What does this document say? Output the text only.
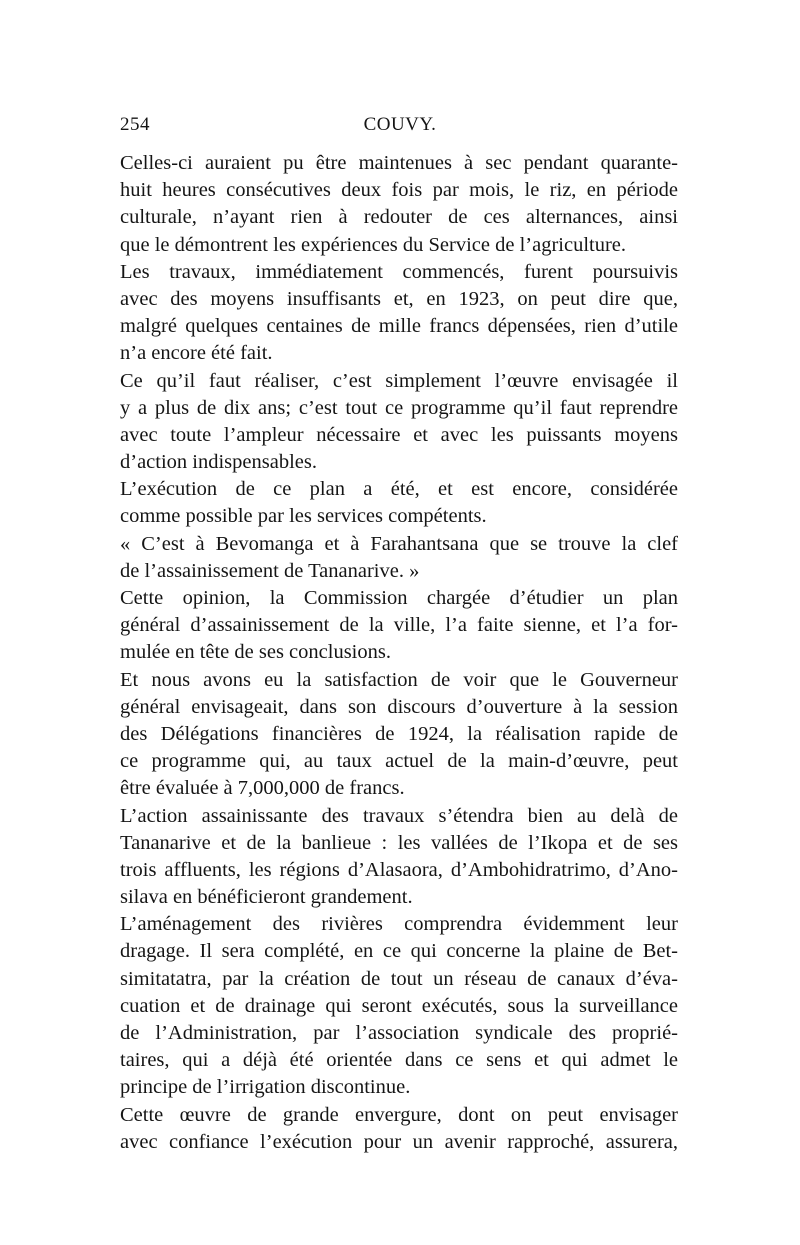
254	COUVY.
Celles-ci auraient pu être maintenues à sec pendant quarante-
huit heures consécutives deux fois par mois, le riz, en période
culturale, n’ayant rien à redouter de ces alternances, ainsi
que le démontrent les expériences du Service de l’agriculture.
Les travaux, immédiatement commencés, furent poursuivis
avec des moyens insuffisants et, en 1923, on peut dire que,
malgré quelques centaines de mille francs dépensées, rien d’utile
n’a encore été fait.
Ce qu’il faut réaliser, c’est simplement l’œuvre envisagée il
y a plus de dix ans; c’est tout ce programme qu’il faut reprendre
avec toute l’ampleur nécessaire et avec les puissants moyens
d’action indispensables.
L’exécution de ce plan a été, et est encore, considérée
comme possible par les services compétents.
« C’est à Bevomanga et à Farahantsana que se trouve la clef
de l’assainissement de Tananarive. »
Cette opinion, la Commission chargée d’étudier un plan
général d’assainissement de la ville, l’a faite sienne, et l’a for-
mulée en tête de ses conclusions.
Et nous avons eu la satisfaction de voir que le Gouverneur
général envisageait, dans son discours d’ouverture à la session
des Délégations financières de 1924, la réalisation rapide de
ce programme qui, au taux actuel de la main-d’œuvre, peut
être évaluée à 7,000,000 de francs.
L’action assainissante des travaux s’étendra bien au delà de
Tananarive et de la banlieue : les vallées de l’Ikopa et de ses
trois affluents, les régions d’Alasaora, d’Ambohidratrimo, d’Ano-
silava en bénéficieront grandement.
L’aménagement des rivières comprendra évidemment leur
dragage. Il sera complété, en ce qui concerne la plaine de Bet-
simitatatra, par la création de tout un réseau de canaux d’éva-
cuation et de drainage qui seront exécutés, sous la surveillance
de l’Administration, par l’association syndicale des proprié-
taires, qui a déjà été orientée dans ce sens et qui admet le
principe de l’irrigation discontinue.
Cette œuvre de grande envergure, dont on peut envisager
avec confiance l’exécution pour un avenir rapproché, assurera,
